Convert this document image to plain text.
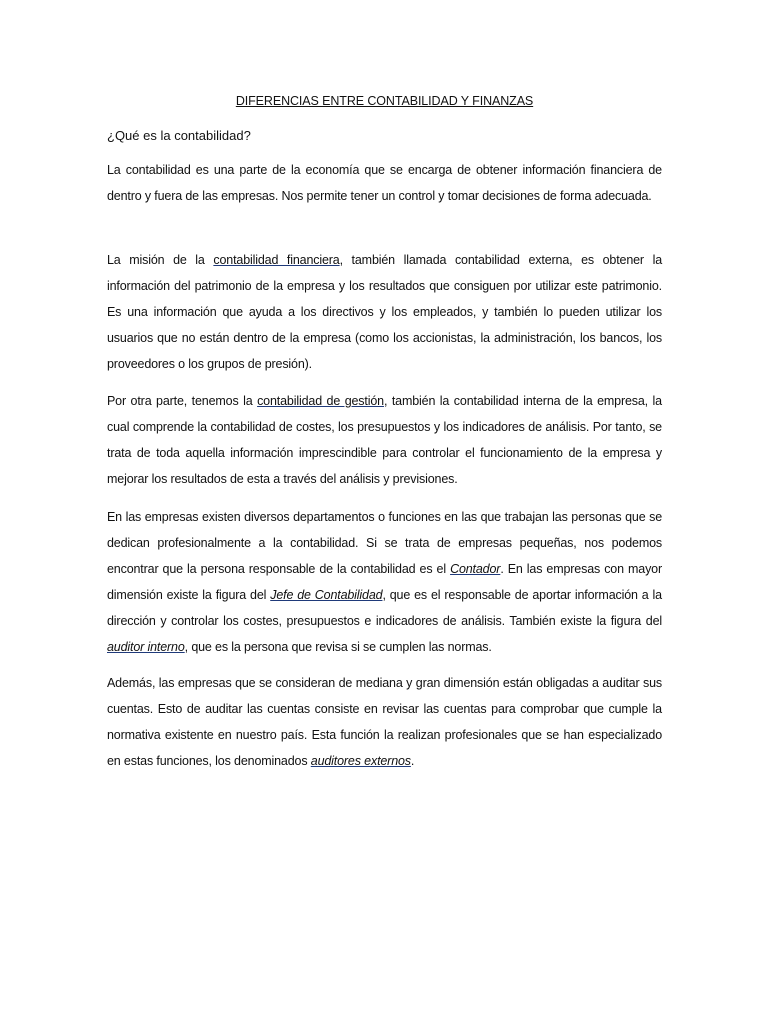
DIFERENCIAS ENTRE CONTABILIDAD Y FINANZAS
¿Qué es la contabilidad?

La contabilidad es una parte de la economía que se encarga de obtener información financiera de dentro y fuera de las empresas. Nos permite tener un control y tomar decisiones de forma adecuada.

La misión de la contabilidad financiera, también llamada contabilidad externa, es obtener la información del patrimonio de la empresa y los resultados que consiguen por utilizar este patrimonio. Es una información que ayuda a los directivos y los empleados, y también lo pueden utilizar los usuarios que no están dentro de la empresa (como los accionistas, la administración, los bancos, los proveedores o los grupos de presión).

Por otra parte, tenemos la contabilidad de gestión, también la contabilidad interna de la empresa, la cual comprende la contabilidad de costes, los presupuestos y los indicadores de análisis. Por tanto, se trata de toda aquella información imprescindible para controlar el funcionamiento de la empresa y mejorar los resultados de esta a través del análisis y previsiones.

En las empresas existen diversos departamentos o funciones en las que trabajan las personas que se dedican profesionalmente a la contabilidad. Si se trata de empresas pequeñas, nos podemos encontrar que la persona responsable de la contabilidad es el Contador. En las empresas con mayor dimensión existe la figura del Jefe de Contabilidad, que es el responsable de aportar información a la dirección y controlar los costes, presupuestos e indicadores de análisis. También existe la figura del auditor interno, que es la persona que revisa si se cumplen las normas.

Además, las empresas que se consideran de mediana y gran dimensión están obligadas a auditar sus cuentas. Esto de auditar las cuentas consiste en revisar las cuentas para comprobar que cumple la normativa existente en nuestro país. Esta función la realizan profesionales que se han especializado en estas funciones, los denominados auditores externos.
